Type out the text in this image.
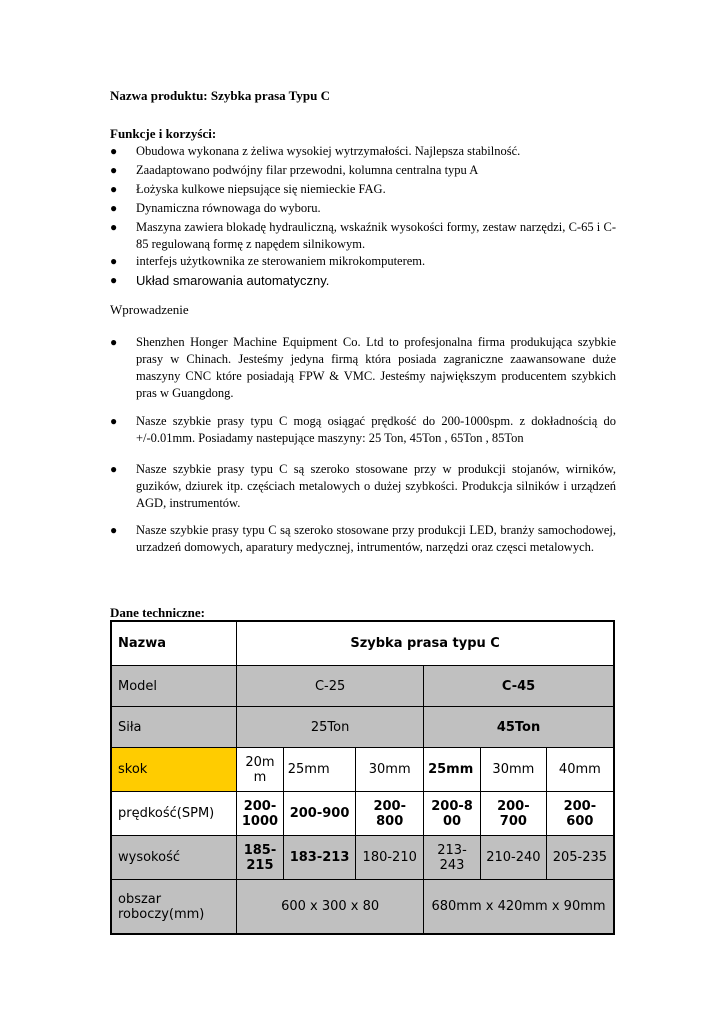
Nazwa produktu: Szybka prasa Typu C
Funkcje i korzyści:
● Obudowa wykonana z żeliwa wysokiej wytrzymałości. Najlepsza stabilność.
● Zaadaptowano podwójny filar przewodni, kolumna centralna typu A
● Łożyska kulkowe niepsujące się niemieckie FAG.
● Dynamiczna równowaga do wyboru.
● Maszyna zawiera blokadę hydrauliczną, wskaźnik wysokości formy, zestaw narzędzi, C-65 i C-85 regulowaną formę z napędem silnikowym.
● interfejs użytkownika ze sterowaniem mikrokomputerem.
● Układ smarowania automatyczny.
Wprowadzenie
● Shenzhen Honger Machine Equipment Co. Ltd to profesjonalna firma produkująca szybkie prasy w Chinach. Jesteśmy jedyna firmą która posiada zagraniczne zaawansowane duże maszyny CNC które posiadają FPW & VMC. Jesteśmy największym producentem szybkich pras w Guangdong.
● Nasze szybkie prasy typu C mogą osiągać prędkość do 200-1000spm. z dokładnością do +/-0.01mm. Posiadamy nastepujące maszyny: 25 Ton, 45Ton , 65Ton , 85Ton
● Nasze szybkie prasy typu C są szeroko stosowane przy w produkcji stojanów, wirników, guzików, dziurek itp. częściach metalowych o dużej szybkości. Produkcja silników i urządzeń AGD, instrumentów.
● Nasze szybkie prasy typu C są szeroko stosowane przy produkcji LED, branży samochodowej, urzadzeń domowych, aparatury medycznej, intrumentów, narzędzi oraz częsci metalowych.
Dane techniczne:
Nazwa	Szybka prasa typu C					
Model	C-25			C-45		
Siła	25Ton			45Ton		
skok	20mm	25mm	30mm	25mm	30mm	40mm
prędkość(SPM)	200-1000	200-900	200-800	200-800	200-700	200-600
wysokość	185-215	183-213	180-210	213-243	210-240	205-235
obszar roboczy(mm)	600 x 300 x 80			680mm x 420mm x 90mm		
